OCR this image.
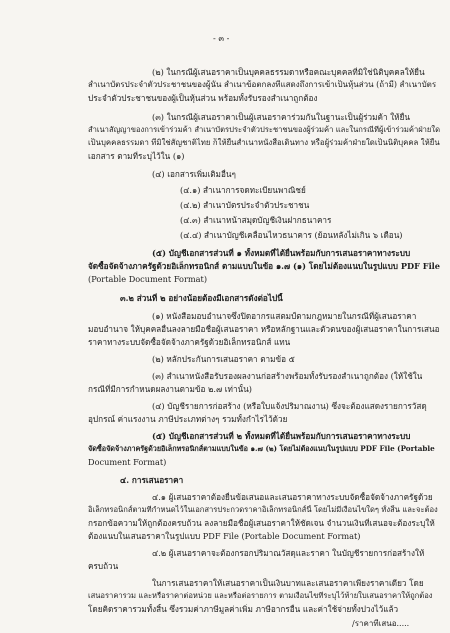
- ๓ -
(๒) ในกรณีผู้เสนอราคาเป็นบุคคลธรรมดาหรือคณะบุคคลที่มิใช่นิติบุคคลให้ยื่น
สำเนาบัตรประจำตัวประชาชนของผู้นั้น สำเนาข้อตกลงที่แสดงถึงการเข้าเป็นหุ้นส่วน (ถ้ามี) สำเนาบัตร
ประจำตัวประชาชนของผู้เป็นหุ้นส่วน พร้อมทั้งรับรองสำเนาถูกต้อง
(๓) ในกรณีผู้เสนอราคาเป็นผู้เสนอราคาร่วมกันในฐานะเป็นผู้ร่วมค้า ให้ยื่น
สำเนาสัญญาของการเข้าร่วมค้า สำเนาบัตรประจำตัวประชาชนของผู้ร่วมค้า และในกรณีที่ผู้เข้าร่วมค้าฝ่ายใด
เป็นบุคคลธรรมดา ที่มิใช่สัญชาติไทย ก็ให้ยื่นสำเนาหนังสือเดินทาง หรือผู้ร่วมค้าฝ่ายใดเป็นนิติบุคคล ให้ยื่น
เอกสาร ตามที่ระบุไว้ใน (๑)
(๔) เอกสารเพิ่มเติมอื่นๆ
(๔.๑) สำเนาการจดทะเบียนพาณิชย์
(๔.๒) สำเนาบัตรประจำตัวประชาชน
(๔.๓) สำเนาหน้าสมุดบัญชีเงินฝากธนาคาร
(๔.๔) สำเนาบัญชีเคลื่อนไหวธนาคาร (ย้อนหลังไม่เกิน ๖ เดือน)
(๕) บัญชีเอกสารส่วนที่ ๑ ทั้งหมดที่ได้ยื่นพร้อมกับการเสนอราคาทางระบบ
จัดซื้อจัดจ้างภาครัฐด้วยอิเล็กทรอนิกส์ ตามแบบในข้อ ๑.๗ (๑) โดยไม่ต้องแนบในรูปแบบ PDF File
(Portable Document Format)
๓.๒ ส่วนที่ ๒ อย่างน้อยต้องมีเอกสารดังต่อไปนี้
(๑) หนังสือมอบอำนาจซึ่งปิดอากรแสตมป์ตามกฎหมายในกรณีที่ผู้เสนอราคา
มอบอำนาจ ให้บุคคลอื่นลงลายมือชื่อผู้เสนอราคา หรือหลักฐานและตัวตนของผู้เสนอราคาในการเสนอ
ราคาทางระบบจัดซื้อจัดจ้างภาครัฐด้วยอิเล็กทรอนิกส์ แทน
(๒) หลักประกันการเสนอราคา ตามข้อ ๕
(๓) สำเนาหนังสือรับรองผลงานก่อสร้างพร้อมทั้งรับรองสำเนาถูกต้อง (ให้ใช้ใน
กรณีที่มีการกำหนดผลงานตามข้อ ๒.๗ เท่านั้น)
(๔) บัญชีรายการก่อสร้าง (หรือใบแจ้งปริมาณงาน) ซึ่งจะต้องแสดงรายการวัสดุ
อุปกรณ์ ค่าแรงงาน ภาษีประเภทต่างๆ รวมทั้งกำไรไว้ด้วย
(๕) บัญชีเอกสารส่วนที่ ๒ ทั้งหมดที่ได้ยื่นพร้อมกับการเสนอราคาทางระบบ
จัดซื้อจัดจ้างภาครัฐด้วยอิเล็กทรอนิกส์ตามแบบในข้อ ๑.๗ (๒) โดยไม่ต้องแนบในรูปแบบ PDF File (Portable
Document Format)
๔. การเสนอราคา
๔.๑ ผู้เสนอราคาต้องยื่นข้อเสนอและเสนอราคาทางระบบจัดซื้อจัดจ้างภาครัฐด้วย
อิเล็กทรอนิกส์ตามที่กำหนดไว้ในเอกสารประกวดราคาอิเล็กทรอนิกส์นี้ โดยไม่มีเงื่อนไขใดๆ ทั้งสิ้น และจะต้อง
กรอกข้อความให้ถูกต้องครบถ้วน ลงลายมือชื่อผู้เสนอราคาให้ชัดเจน จำนวนเงินที่เสนอจะต้องระบุให้
ต้องแนบในเสนอราคาในรูปแบบ PDF File (Portable Document Format)
๔.๒ ผู้เสนอราคาจะต้องกรอกปริมาณวัสดุและราคา ในบัญชีรายการก่อสร้างให้
ครบถ้วน
ในการเสนอราคาให้เสนอราคาเป็นเงินบาทและเสนอราคาเพียงราคาเดียว โดย
เสนอราคารวม และหรือราคาต่อหน่วย และหรือต่อรายการ ตามเงื่อนไขที่ระบุไว้ท้ายใบเสนอราคาให้ถูกต้อง
โดยคิดราคารวมทั้งสิ้น ซึ่งรวมค่าภาษีมูลค่าเพิ่ม ภาษีอากรอื่น และค่าใช้จ่ายทั้งปวงไว้แล้ว
/ราคาที่เสนอ.....
